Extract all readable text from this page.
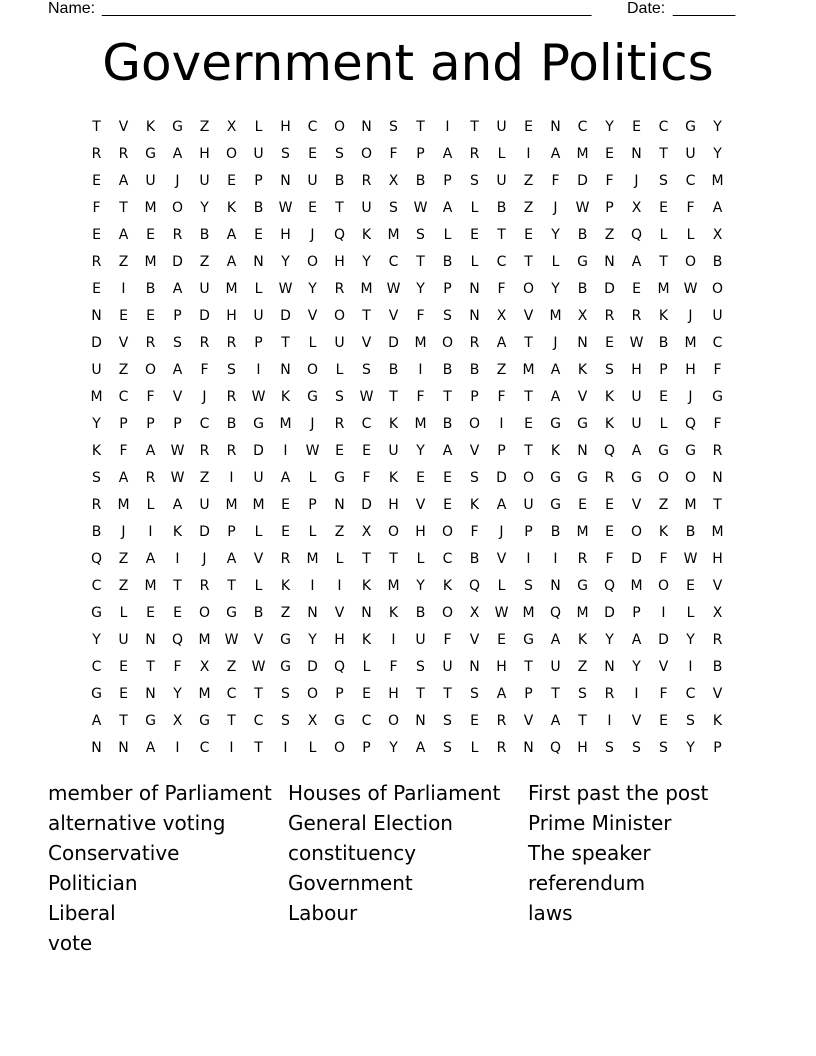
Name: _______________________________________________________ Date: _______
Government and Politics
T	V	K	G	Z	X	L	H	C	O	N	S	T	I	T	U	E	N	C	Y	E	C	G	Y
R	R	G	A	H	O	U	S	E	S	O	F	P	A	R	L	I	A	M	E	N	T	U	Y
E	A	U	J	U	E	P	N	U	B	R	X	B	P	S	U	Z	F	D	F	J	S	C	M
F	T	M	O	Y	K	B	W	E	T	U	S	W	A	L	B	Z	J	W	P	X	E	F	A
E	A	E	R	B	A	E	H	J	Q	K	M	S	L	E	T	E	Y	B	Z	Q	L	L	X
R	Z	M	D	Z	A	N	Y	O	H	Y	C	T	B	L	C	T	L	G	N	A	T	O	B
E	I	B	A	U	M	L	W	Y	R	M	W	Y	P	N	F	O	Y	B	D	E	M	W	O
N	E	E	P	D	H	U	D	V	O	T	V	F	S	N	X	V	M	X	R	R	K	J	U
D	V	R	S	R	R	P	T	L	U	V	D	M	O	R	A	T	J	N	E	W	B	M	C
U	Z	O	A	F	S	I	N	O	L	S	B	I	B	B	Z	M	A	K	S	H	P	H	F
M	C	F	V	J	R	W	K	G	S	W	T	F	T	P	F	T	A	V	K	U	E	J	G
Y	P	P	P	C	B	G	M	J	R	C	K	M	B	O	I	E	G	G	K	U	L	Q	F
K	F	A	W	R	R	D	I	W	E	E	U	Y	A	V	P	T	K	N	Q	A	G	G	R
S	A	R	W	Z	I	U	A	L	G	F	K	E	E	S	D	O	G	G	R	G	O	O	N
R	M	L	A	U	M	M	E	P	N	D	H	V	E	K	A	U	G	E	E	V	Z	M	T
B	J	I	K	D	P	L	E	L	Z	X	O	H	O	F	J	P	B	M	E	O	K	B	M
Q	Z	A	I	J	A	V	R	M	L	T	T	L	C	B	V	I	I	R	F	D	F	W	H
C	Z	M	T	R	T	L	K	I	I	K	M	Y	K	Q	L	S	N	G	Q	M	O	E	V
G	L	E	E	O	G	B	Z	N	V	N	K	B	O	X	W	M	Q	M	D	P	I	L	X
Y	U	N	Q	M	W	V	G	Y	H	K	I	U	F	V	E	G	A	K	Y	A	D	Y	R
C	E	T	F	X	Z	W	G	D	Q	L	F	S	U	N	H	T	U	Z	N	Y	V	I	B
G	E	N	Y	M	C	T	S	O	P	E	H	T	T	S	A	P	T	S	R	I	F	C	V
A	T	G	X	G	T	C	S	X	G	C	O	N	S	E	R	V	A	T	I	V	E	S	K
N	N	A	I	C	I	T	I	L	O	P	Y	A	S	L	R	N	Q	H	S	S	S	Y	P
member of Parliament
alternative voting
Conservative
Politician
Liberal
vote
Houses of Parliament
General Election
constituency
Government
Labour
First past the post
Prime Minister
The speaker
referendum
laws
